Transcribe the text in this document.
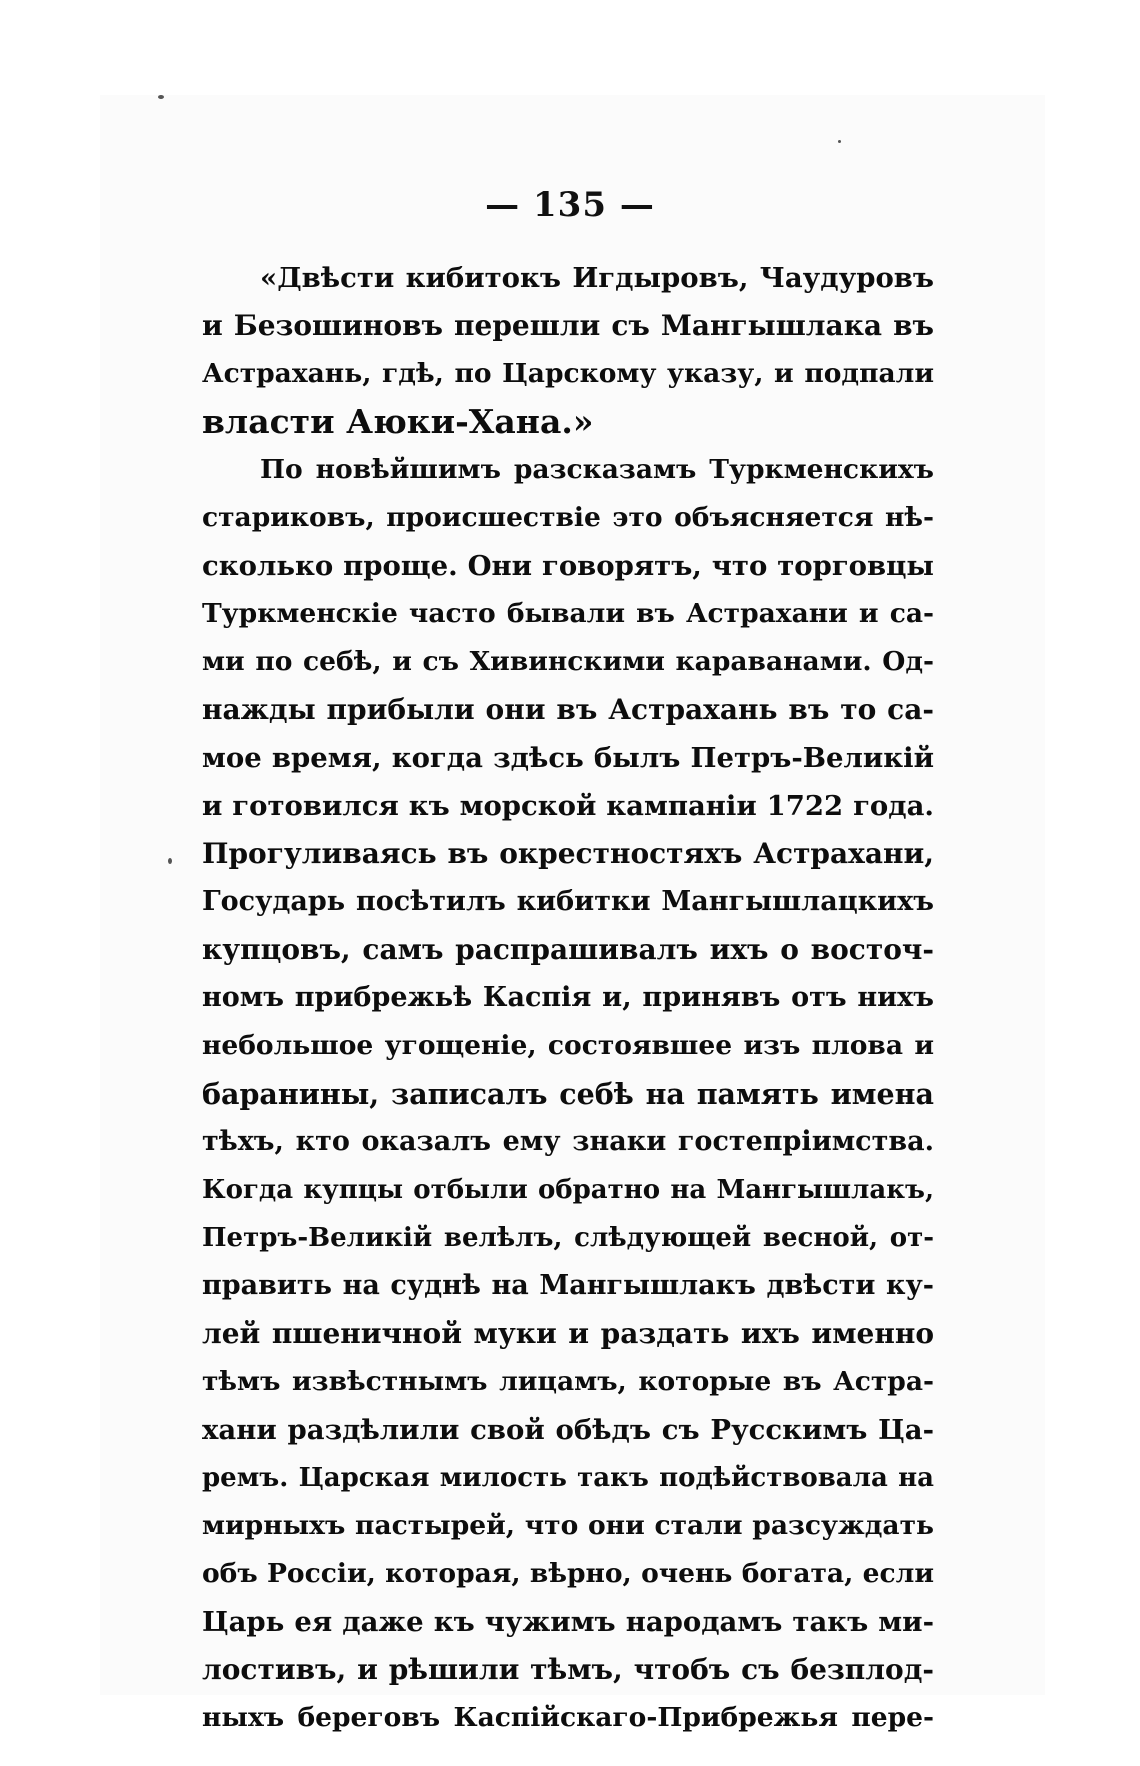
— 135 —
«Двѣсти кибитокъ Игдыровъ, Чаудуровъ
и Безошиновъ перешли съ Мангышлака въ
Астрахань, гдѣ, по Царскому указу, и подпали
власти Аюки-Хана.»
По новѣйшимъ разсказамъ Туркменскихъ
стариковъ, происшествіе это объясняется нѣ-
сколько проще. Они говорятъ, что торговцы
Туркменскіе часто бывали въ Астрахани и са-
ми по себѣ, и съ Хивинскими караванами. Од-
нажды прибыли они въ Астрахань въ то са-
мое время, когда здѣсь былъ Петръ-Великій
и готовился къ морской кампаніи 1722 года.
Прогуливаясь въ окрестностяхъ Астрахани,
Государь посѣтилъ кибитки Мангышлацкихъ
купцовъ, самъ распрашивалъ ихъ о восточ-
номъ прибрежьѣ Каспія и, принявъ отъ нихъ
небольшое угощеніе, состоявшее изъ плова и
баранины, записалъ себѣ на память имена
тѣхъ, кто оказалъ ему знаки гостепріимства.
Когда купцы отбыли обратно на Мангышлакъ,
Петръ-Великій велѣлъ, слѣдующей весной, от-
править на суднѣ на Мангышлакъ двѣсти ку-
лей пшеничной муки и раздать ихъ именно
тѣмъ извѣстнымъ лицамъ, которые въ Астра-
хани раздѣлили свой обѣдъ съ Русскимъ Ца-
ремъ. Царская милость такъ подѣйствовала на
мирныхъ пастырей, что они стали разсуждать
объ Россіи, которая, вѣрно, очень богата, если
Царь ея даже къ чужимъ народамъ такъ ми-
лостивъ, и рѣшили тѣмъ, чтобъ съ безплод-
ныхъ береговъ Каспійскаго-Прибрежья пере-
